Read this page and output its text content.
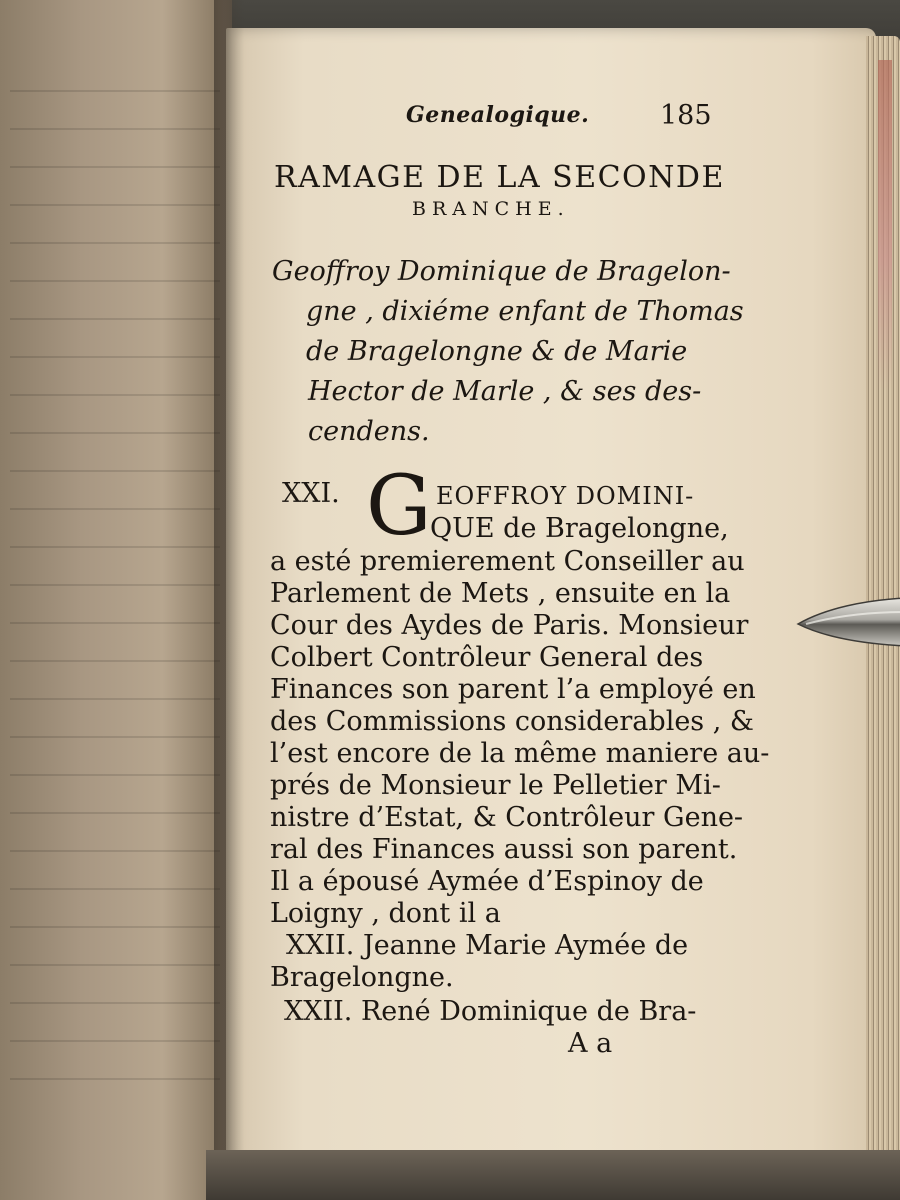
Genealogique.	185
RAMAGE DE LA SECONDE
BRANCHE.
Geoffroy Dominique de Bragelon-
gne , dixiéme enfant de Thomas
de Bragelongne & de Marie
Hector de Marle , & ses des-
cendens.
XXI. G EOFFROY DOMINI-
QUE de Bragelongne,
a esté premierement Conseiller au
Parlement de Mets , ensuite en la
Cour des Aydes de Paris. Monsieur
Colbert Contrôleur General des
Finances son parent l’a employé en
des Commissions considerables , &
l’est encore de la même maniere au-
prés de Monsieur le Pelletier Mi-
nistre d’Estat, & Contrôleur Gene-
ral des Finances aussi son parent.
Il a épousé Aymée d’Espinoy de
Loigny , dont il a
XXII. Jeanne Marie Aymée de
Bragelongne.
XXII. René Dominique de Bra-
A a
